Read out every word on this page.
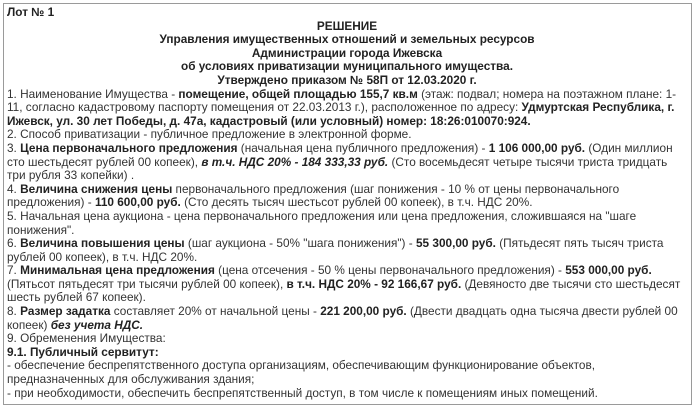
Лот № 1
РЕШЕНИЕ
Управления имущественных отношений и земельных ресурсов
Администрации города Ижевска
об условиях приватизации муниципального имущества.
Утверждено приказом № 58П от 12.03.2020 г.

1. Наименование Имущества - помещение, общей площадью 155,7 кв.м (этаж: подвал; номера на поэтажном плане: 1-11, согласно кадастровому паспорту помещения от 22.03.2013 г.), расположенное по адресу: Удмуртская Республика, г. Ижевск, ул. 30 лет Победы, д. 47а, кадастровый (или условный) номер: 18:26:010070:924.

2. Способ приватизации - публичное предложение в электронной форме.

3. Цена первоначального предложения (начальная цена публичного предложения) - 1 106 000,00 руб. (Один миллион сто шестьдесят рублей 00 копеек), в т.ч. НДС 20% - 184 333,33 руб. (Сто восемьдесят четыре тысячи триста тридцать три рубля 33 копейки) .

4. Величина снижения цены первоначального предложения (шаг понижения - 10 % от цены первоначального предложения) - 110 600,00 руб. (Сто десять тысяч шестьсот рублей 00 копеек), в т.ч. НДС 20%.

5. Начальная цена аукциона - цена первоначального предложения или цена предложения, сложившаяся на "шаге понижения".

6. Величина повышения цены (шаг аукциона - 50% "шага понижения") - 55 300,00 руб. (Пятьдесят пять тысяч триста рублей 00 копеек), в т.ч. НДС 20%.

7. Минимальная цена предложения (цена отсечения - 50 % цены первоначального предложения) - 553 000,00 руб. (Пятьсот пятьдесят три тысячи рублей 00 копеек), в т.ч. НДС 20% - 92 166,67 руб. (Девяносто две тысячи сто шестьдесят шесть рублей 67 копеек).

8. Размер задатка составляет 20% от начальной цены - 221 200,00 руб. (Двести двадцать одна тысяча двести рублей 00 копеек) без учета НДС.

9. Обременения Имущества:

9.1. Публичный сервитут:

- обеспечение беспрепятственного доступа организациям, обеспечивающим функционирование объектов, предназначенных для обслуживания здания;

- при необходимости, обеспечить беспрепятственный доступ, в том числе к помещениям иных помещений.
